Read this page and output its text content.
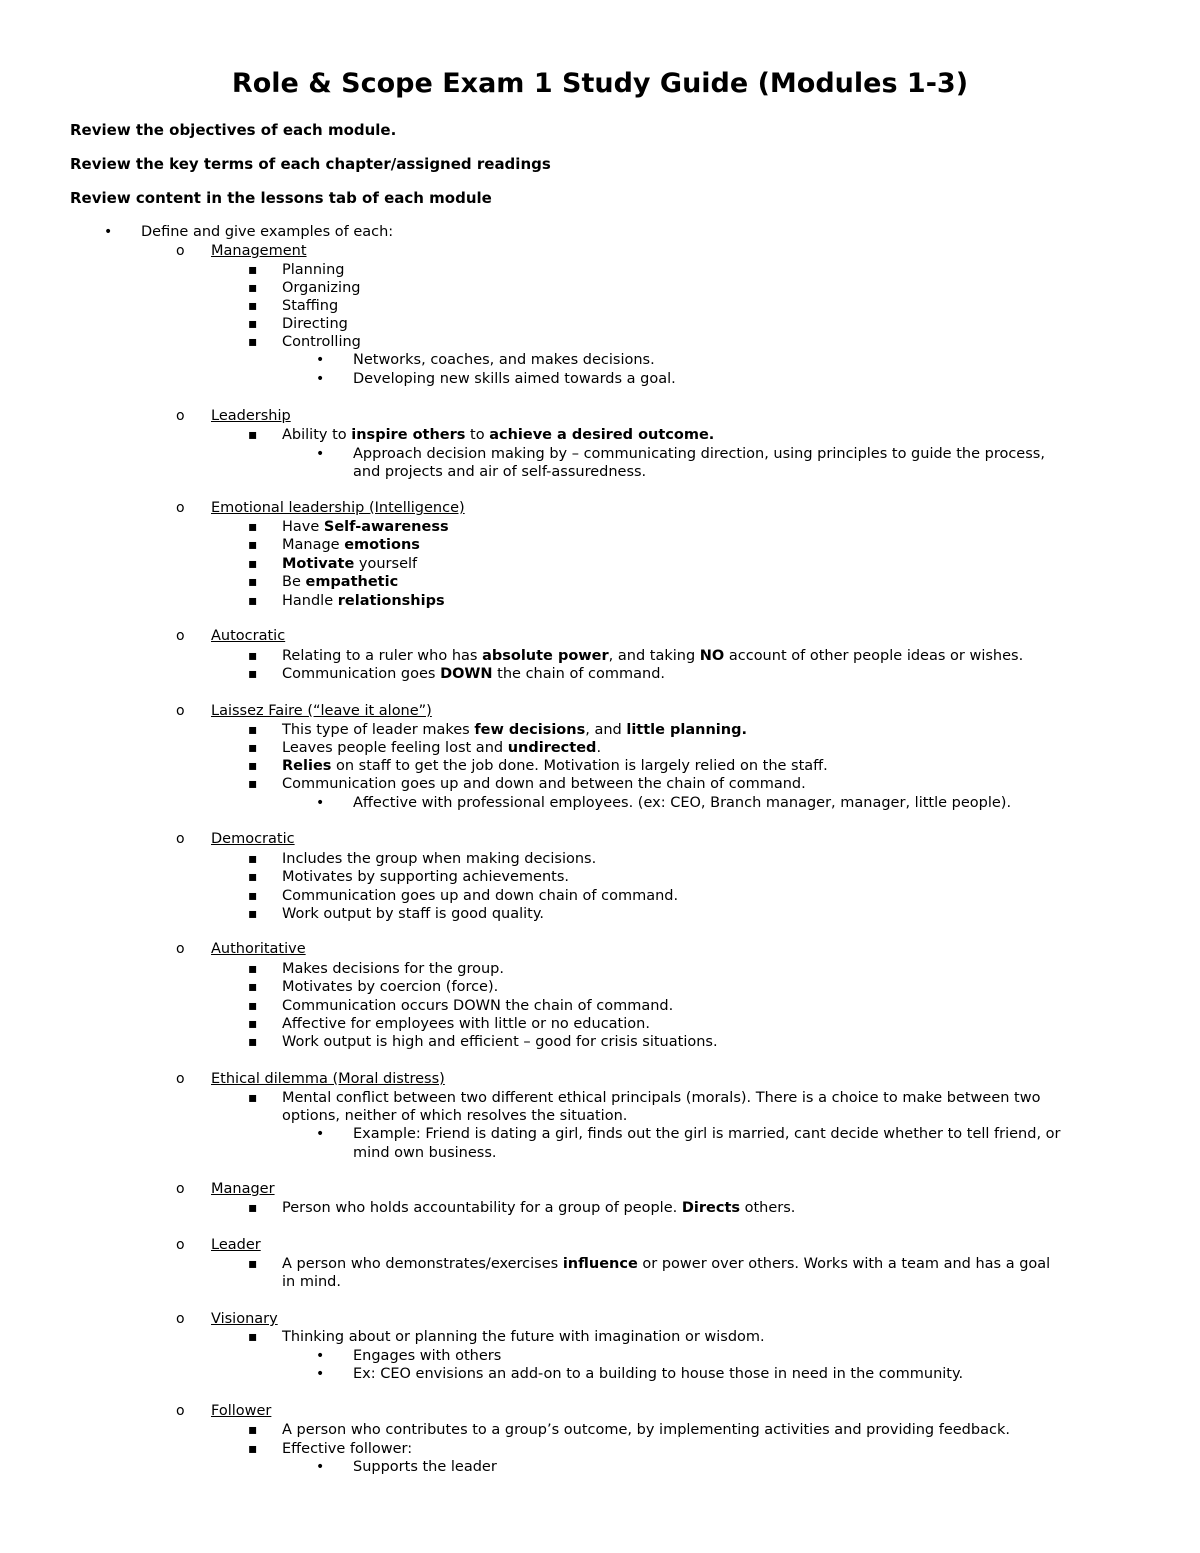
Role & Scope Exam 1 Study Guide (Modules 1-3)

Review the objectives of each module.

Review the key terms of each chapter/assigned readings

Review content in the lessons tab of each module

• Define and give examples of each:
o Management
▪ Planning
▪ Organizing
▪ Staffing
▪ Directing
▪ Controlling
• Networks, coaches, and makes decisions.
• Developing new skills aimed towards a goal.
o Leadership
▪ Ability to inspire others to achieve a desired outcome.
• Approach decision making by – communicating direction, using principles to guide the process,
and projects and air of self-assuredness.
o Emotional leadership (Intelligence)
▪ Have Self-awareness
▪ Manage emotions
▪ Motivate yourself
▪ Be empathetic
▪ Handle relationships
o Autocratic
▪ Relating to a ruler who has absolute power, and taking NO account of other people ideas or wishes.
▪ Communication goes DOWN the chain of command.
o Laissez Faire (“leave it alone”)
▪ This type of leader makes few decisions, and little planning.
▪ Leaves people feeling lost and undirected.
▪ Relies on staff to get the job done. Motivation is largely relied on the staff.
▪ Communication goes up and down and between the chain of command.
• Affective with professional employees. (ex: CEO, Branch manager, manager, little people).
o Democratic
▪ Includes the group when making decisions.
▪ Motivates by supporting achievements.
▪ Communication goes up and down chain of command.
▪ Work output by staff is good quality.
o Authoritative
▪ Makes decisions for the group.
▪ Motivates by coercion (force).
▪ Communication occurs DOWN the chain of command.
▪ Affective for employees with little or no education.
▪ Work output is high and efficient – good for crisis situations.
o Ethical dilemma (Moral distress)
▪ Mental conflict between two different ethical principals (morals). There is a choice to make between two
options, neither of which resolves the situation.
• Example: Friend is dating a girl, finds out the girl is married, cant decide whether to tell friend, or
mind own business.
o Manager
▪ Person who holds accountability for a group of people. Directs others.
o Leader
▪ A person who demonstrates/exercises influence or power over others. Works with a team and has a goal
in mind.
o Visionary
▪ Thinking about or planning the future with imagination or wisdom.
• Engages with others
• Ex: CEO envisions an add-on to a building to house those in need in the community.
o Follower
▪ A person who contributes to a group’s outcome, by implementing activities and providing feedback.
▪ Effective follower:
• Supports the leader
